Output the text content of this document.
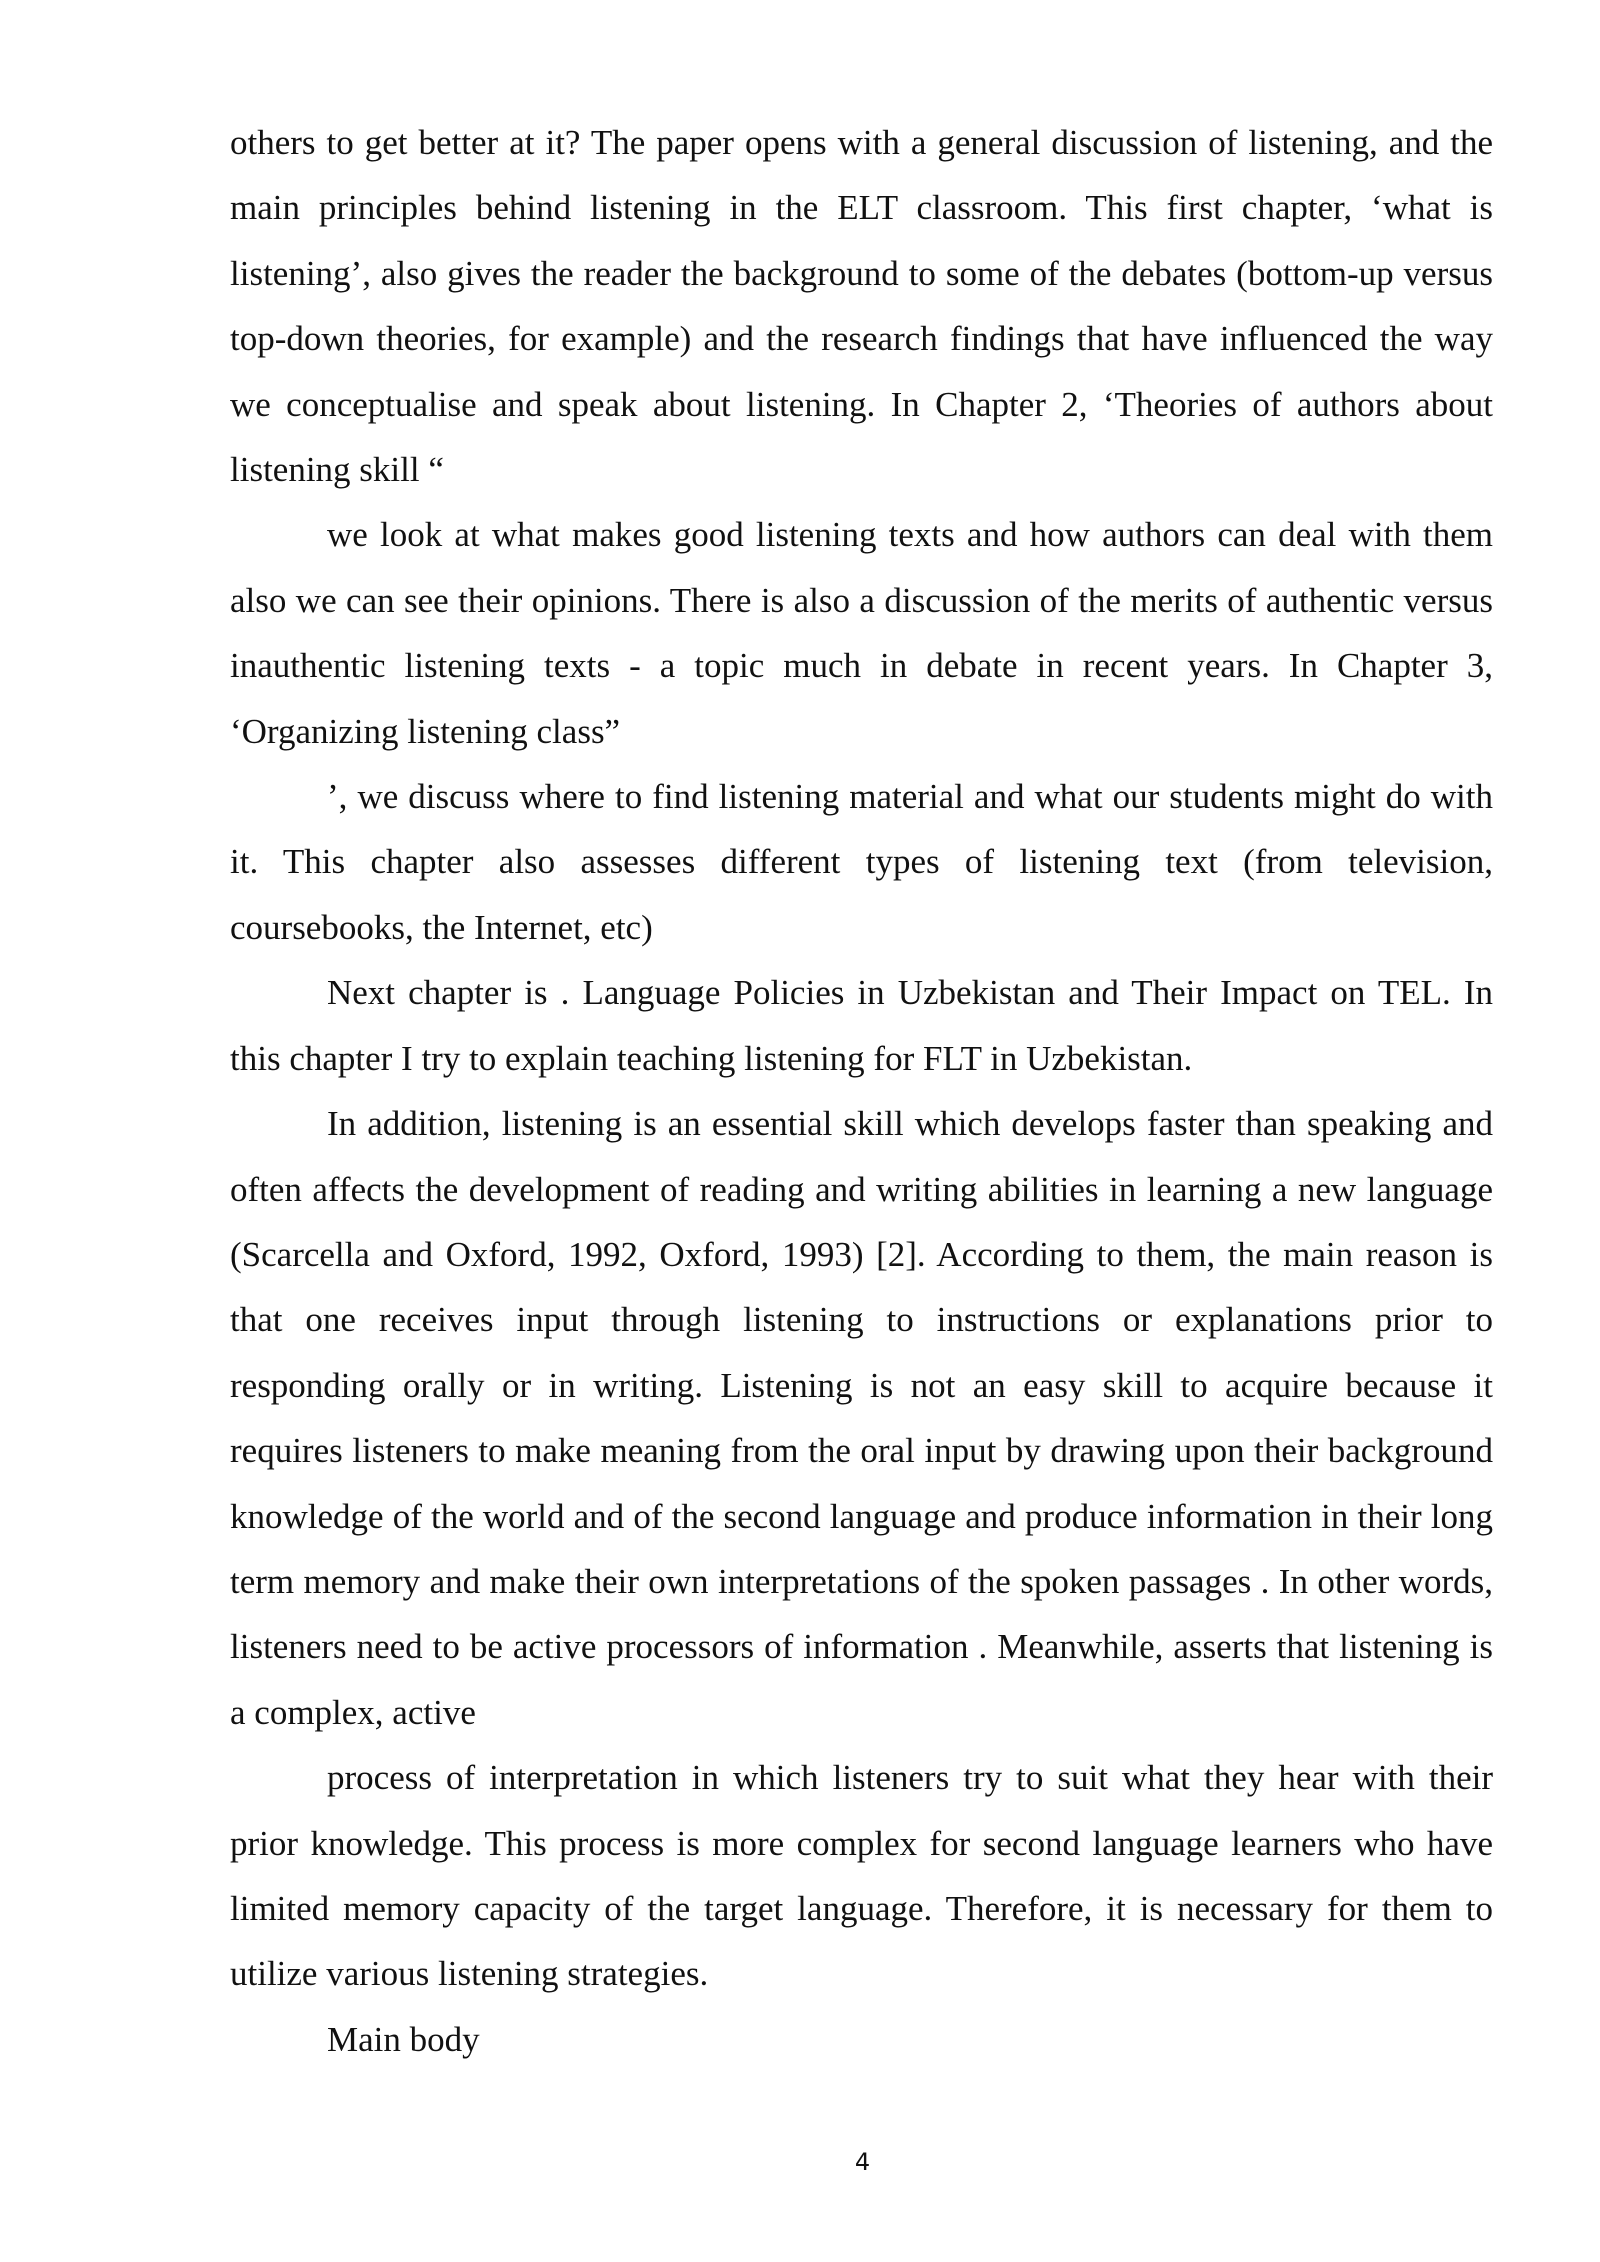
others to get better at it? The paper opens with a general discussion of listening, and the main principles behind listening in the ELT classroom. This first chapter, ‘what is listening’, also gives the reader the background to some of the debates (bottom-up versus top-down theories, for example) and the research findings that have influenced the way we conceptualise and speak about listening. In Chapter 2, ‘Theories of authors about listening skill “

we look at what makes good listening texts and how authors can deal with them also we can see their opinions. There is also a discussion of the merits of authentic versus inauthentic listening texts - a topic much in debate in recent years. In Chapter 3, ‘Organizing listening class”

’, we discuss where to find listening material and what our students might do with it. This chapter also assesses different types of listening text (from television, coursebooks, the Internet, etc)

Next chapter is . Language Policies in Uzbekistan and Their Impact on TEL. In this chapter I try to explain teaching listening for FLT in Uzbekistan.

In addition, listening is an essential skill which develops faster than speaking and often affects the development of reading and writing abilities in learning a new language (Scarcella and Oxford, 1992, Oxford, 1993) [2]. According to them, the main reason is that one receives input through listening to instructions or explanations prior to responding orally or in writing. Listening is not an easy skill to acquire because it requires listeners to make meaning from the oral input by drawing upon their background knowledge of the world and of the second language and produce information in their long term memory and make their own interpretations of the spoken passages . In other words, listeners need to be active processors of information . Meanwhile, asserts that listening is a complex, active

process of interpretation in which listeners try to suit what they hear with their prior knowledge. This process is more complex for second language learners who have limited memory capacity of the target language. Therefore, it is necessary for them to utilize various listening strategies.

Main body

4
